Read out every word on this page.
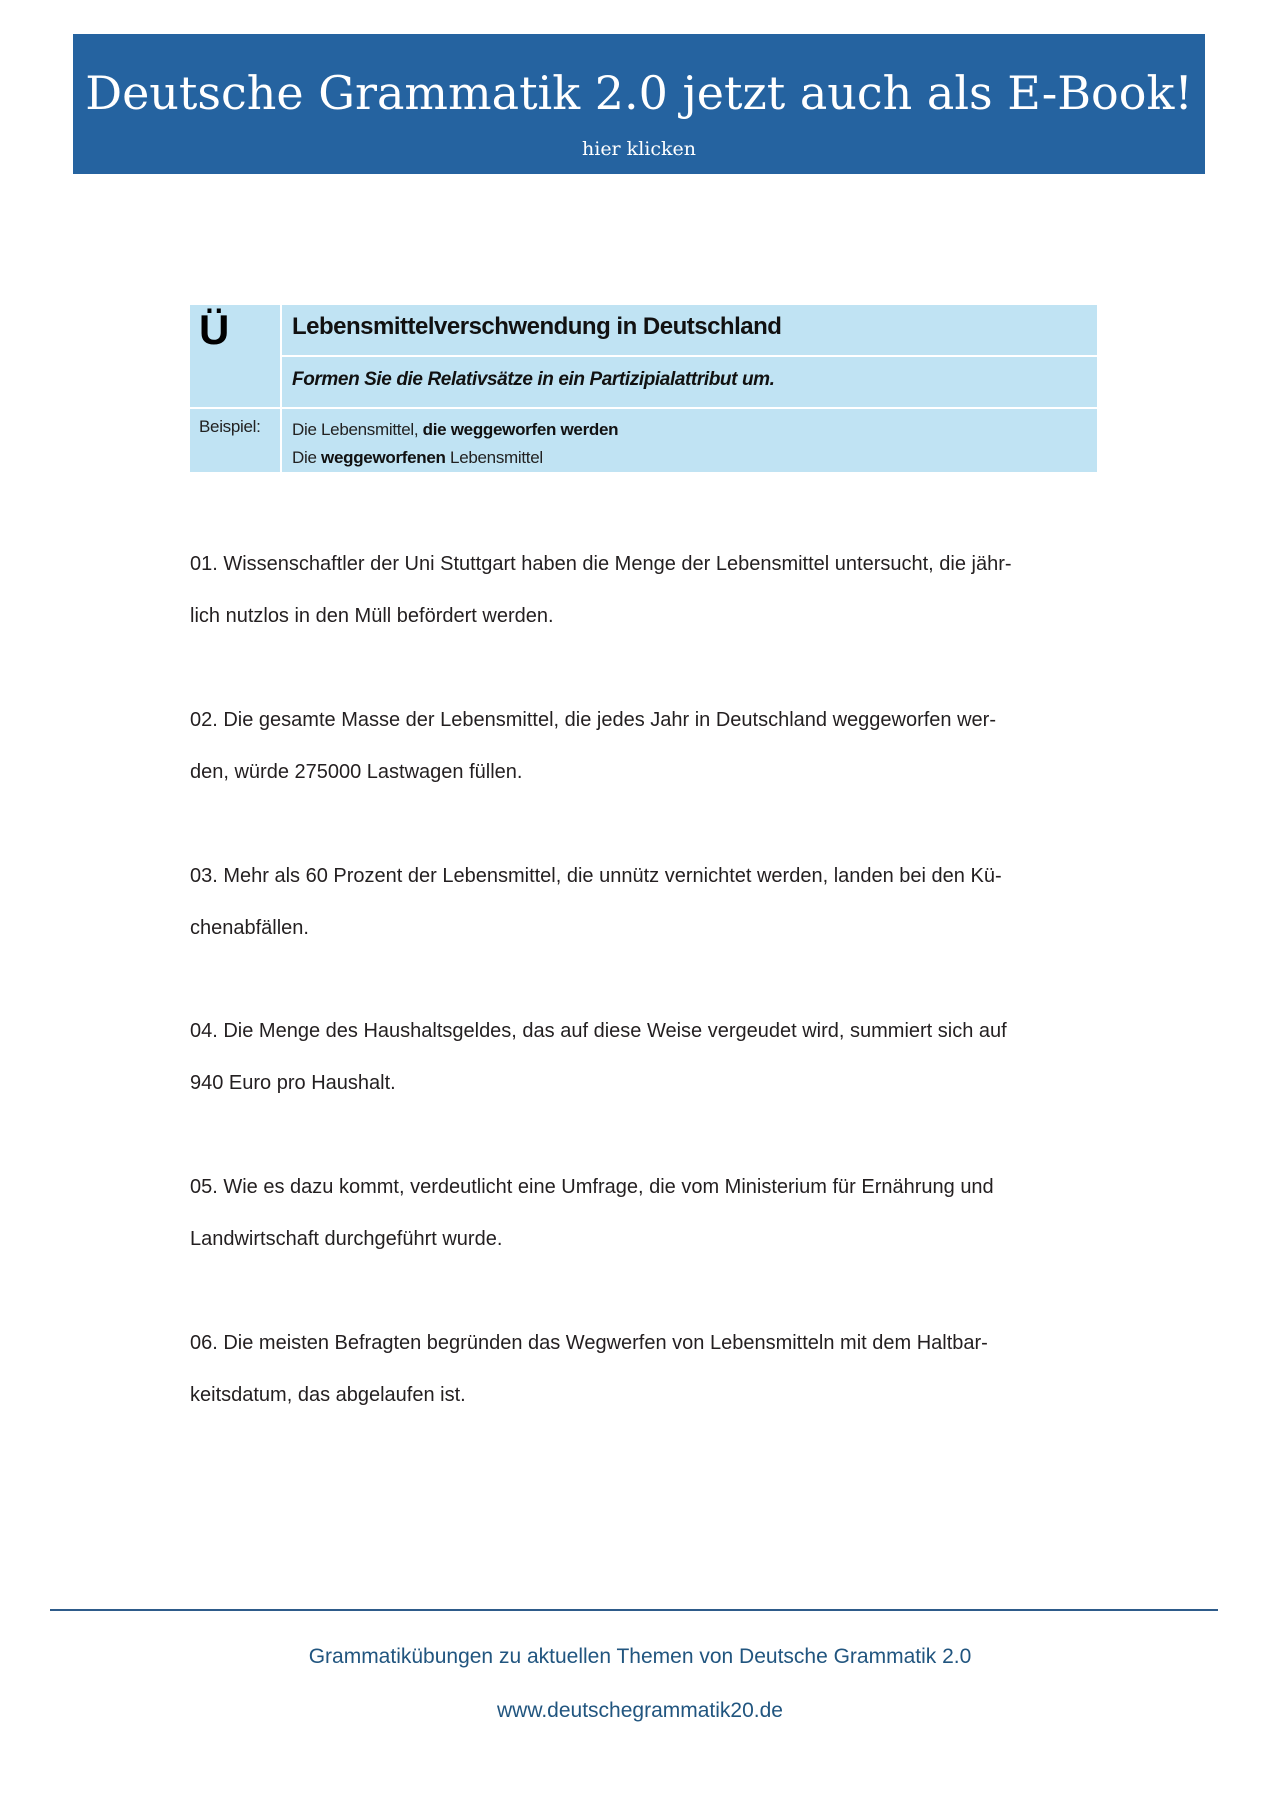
Deutsche Grammatik 2.0 jetzt auch als E-Book!
hier klicken
Ü	Lebensmittelverschwendung in Deutschland
	Formen Sie die Relativsätze in ein Partizipialattribut um.
Beispiel:	Die Lebensmittel, die weggeworfen werden
Die weggeworfenen Lebensmittel
01. Wissenschaftler der Uni Stuttgart haben die Menge der Lebensmittel untersucht, die jähr-
lich nutzlos in den Müll befördert werden.
02. Die gesamte Masse der Lebensmittel, die jedes Jahr in Deutschland weggeworfen wer-
den, würde 275000 Lastwagen füllen.
03. Mehr als 60 Prozent der Lebensmittel, die unnütz vernichtet werden, landen bei den Kü-
chenabfällen.
04. Die Menge des Haushaltsgeldes, das auf diese Weise vergeudet wird, summiert sich auf
940 Euro pro Haushalt.
05. Wie es dazu kommt, verdeutlicht eine Umfrage, die vom Ministerium für Ernährung und
Landwirtschaft durchgeführt wurde.
06. Die meisten Befragten begründen das Wegwerfen von Lebensmitteln mit dem Haltbar-
keitsdatum, das abgelaufen ist.
Grammatikübungen zu aktuellen Themen von Deutsche Grammatik 2.0
www.deutschegrammatik20.de
